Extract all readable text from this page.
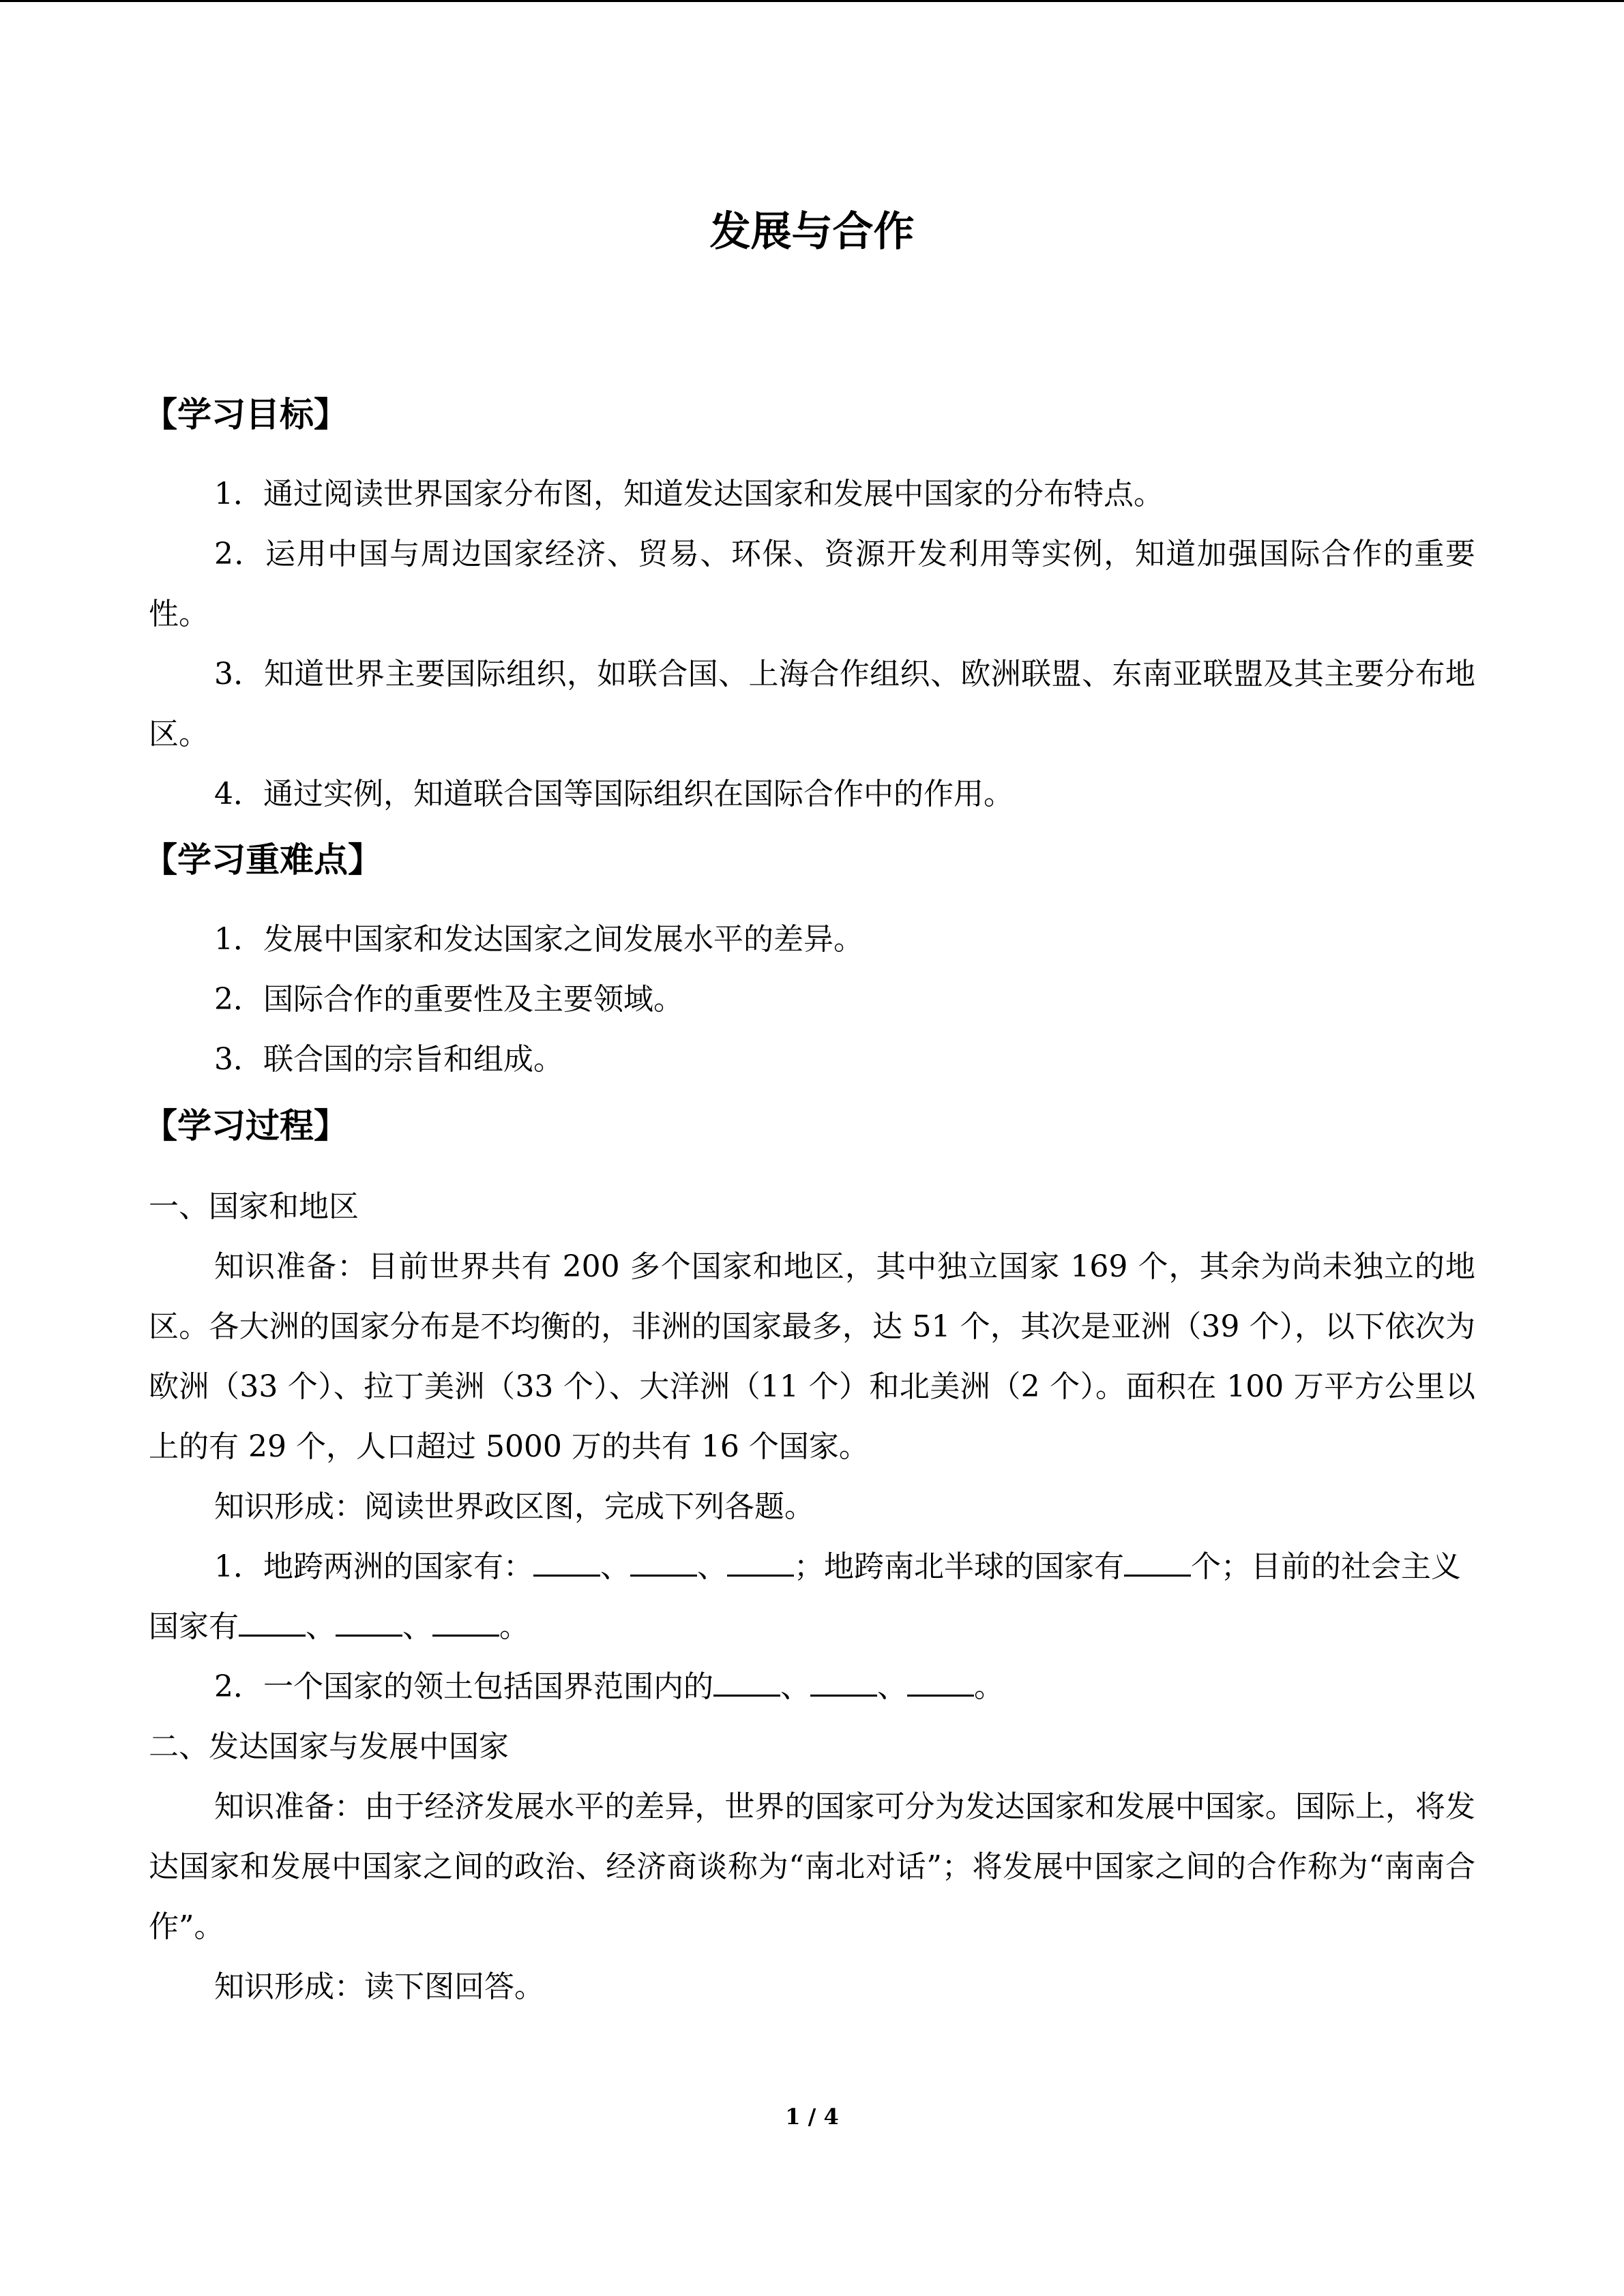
发展与合作
【学习目标】
1．通过阅读世界国家分布图，知道发达国家和发展中国家的分布特点。
2．运用中国与周边国家经济、贸易、环保、资源开发利用等实例，知道加强国际合作的重要性。
3．知道世界主要国际组织，如联合国、上海合作组织、欧洲联盟、东南亚联盟及其主要分布地区。
4．通过实例，知道联合国等国际组织在国际合作中的作用。
【学习重难点】
1．发展中国家和发达国家之间发展水平的差异。
2．国际合作的重要性及主要领域。
3．联合国的宗旨和组成。
【学习过程】
一、国家和地区
知识准备：目前世界共有 200 多个国家和地区，其中独立国家 169 个，其余为尚未独立的地区。各大洲的国家分布是不均衡的，非洲的国家最多，达 51 个，其次是亚洲（39 个），以下依次为欧洲（33 个）、拉丁美洲（33 个）、大洋洲（11 个）和北美洲（2 个）。面积在 100 万平方公里以上的有 29 个，人口超过 5000 万的共有 16 个国家。
知识形成：阅读世界政区图，完成下列各题。
1．地跨两洲的国家有： 、 、 ；地跨南北半球的国家有 个；目前的社会主义国家有 、 、 。
2．一个国家的领土包括国界范围内的 、 、 。
二、发达国家与发展中国家
知识准备：由于经济发展水平的差异，世界的国家可分为发达国家和发展中国家。国际上，将发达国家和发展中国家之间的政治、经济商谈称为“南北对话”；将发展中国家之间的合作称为“南南合作”。
知识形成：读下图回答。
1 / 4
